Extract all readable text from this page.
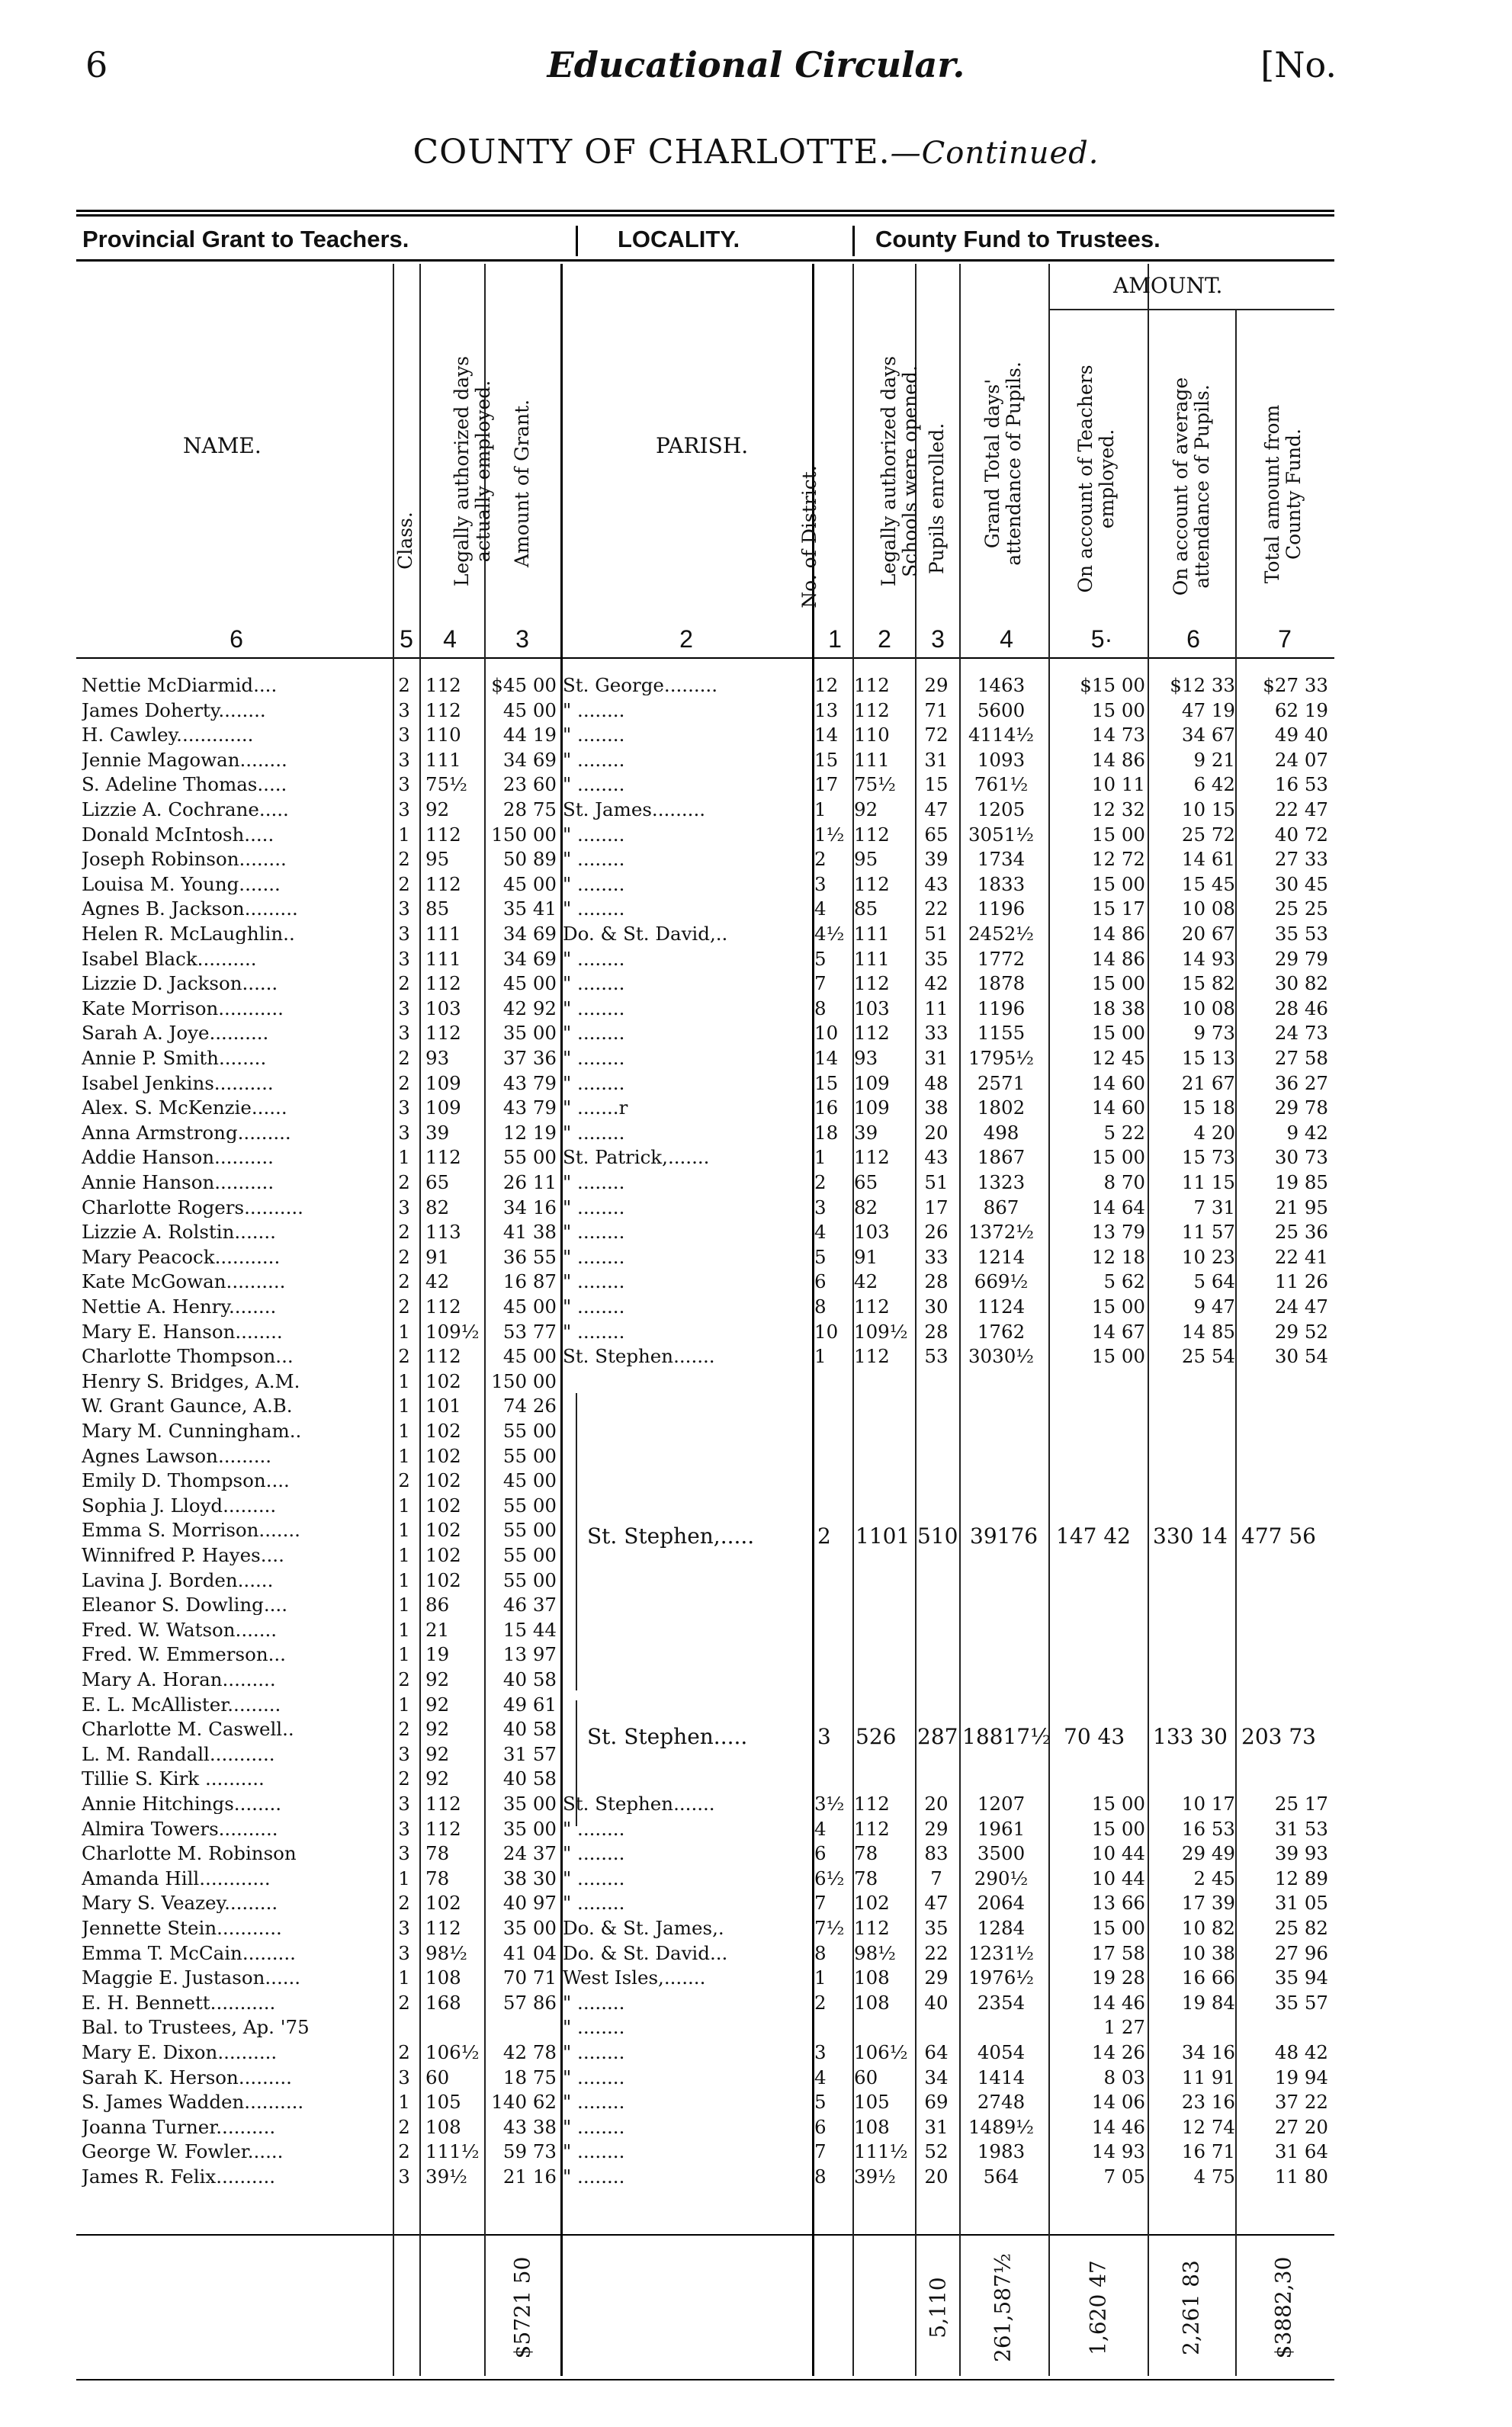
6	Educational Circular.	[No.
COUNTY OF CHARLOTTE.—Continued.
Provincial Grant to Teachers.	LOCALITY.	County Fund to Trustees.
NAME.	PARISH.
AMOUNT.
Class. Legally authorized days actually employed. Amount of Grant.	No. of District.	Legally authorized days Schools were opened. Pupils enrolled. Grand Total days' attendance of Pupils.	On account of Teachers employed.	On account of average attendance of Pupils.	Total amount from County Fund.
6	5	4	3	2	1	2	3	4	5·	6	7
Nettie McDiarmid....	2 112	$45 00 St. George.........	12 112	29	1463	$15 00	$12 33	$27 33
James Doherty........	3 112	45 00 " ........	13 112	71	5600	15 00	47 19	62 19
H. Cawley.............	3 110	44 19 " ........	14 110	72	4114½	14 73	34 67	49 40
Jennie Magowan........	3 111	34 69 " ........	15 111	31	1093	14 86	9 21	24 07
S. Adeline Thomas.....	3 75½	23 60 " ........	17 75½	15	761½	10 11	6 42	16 53
Lizzie A. Cochrane.....	3 92	28 75 St. James.........	1	92	47	1205	12 32	10 15	22 47
Donald McIntosh.....	1 112	150 00 " ........	1½ 112	65	3051½	15 00	25 72	40 72
Joseph Robinson........	2 95	50 89 " ........	2	95	39	1734	12 72	14 61	27 33
Louisa M. Young.......	2 112	45 00 " ........	3	112	43	1833	15 00	15 45	30 45
Agnes B. Jackson.........	3 85	35 41 " ........	4	85	22	1196	15 17	10 08	25 25
Helen R. McLaughlin..	3 111	34 69 Do. & St. David,..	4½ 111	51	2452½	14 86	20 67	35 53
Isabel Black..........	3 111	34 69 " ........	5	111	35	1772	14 86	14 93	29 79
Lizzie D. Jackson......	2 112	45 00 " ........	7	112	42	1878	15 00	15 82	30 82
Kate Morrison...........	3 103	42 92 " ........	8	103	11	1196	18 38	10 08	28 46
Sarah A. Joye..........	3 112	35 00 " ........	10 112	33	1155	15 00	9 73	24 73
Annie P. Smith........	2 93	37 36 " ........	14 93	31	1795½	12 45	15 13	27 58
Isabel Jenkins..........	2 109	43 79 " ........	15 109	48	2571	14 60	21 67	36 27
Alex. S. McKenzie......	3 109	43 79 " .......r	16 109	38	1802	14 60	15 18	29 78
Anna Armstrong.........	3 39	12 19 " ........	18 39	20	498	5 22	4 20	9 42
Addie Hanson..........	1 112	55 00 St. Patrick,.......	1	112	43	1867	15 00	15 73	30 73
Annie Hanson..........	2 65	26 11 " ........	2	65	51	1323	8 70	11 15	19 85
Charlotte Rogers..........	3 82	34 16 " ........	3	82	17	867	14 64	7 31	21 95
Lizzie A. Rolstin.......	2 113	41 38 " ........	4	103	26	1372½	13 79	11 57	25 36
Mary Peacock...........	2 91	36 55 " ........	5	91	33	1214	12 18	10 23	22 41
Kate McGowan..........	2 42	16 87 " ........	6	42	28	669½	5 62	5 64	11 26
Nettie A. Henry........	2 112	45 00 " ........	8	112	30	1124	15 00	9 47	24 47
Mary E. Hanson........	1 109½	53 77 " ........	10 109½ 28	1762	14 67	14 85	29 52
Charlotte Thompson...	2 112	45 00 St. Stephen.......	1	112	53	3030½	15 00	25 54	30 54
Henry S. Bridges, A.M.	1 102	150 00
W. Grant Gaunce, A.B.	1 101	74 26
Mary M. Cunningham..	1 102	55 00
Agnes Lawson.........	1 102	55 00
Emily D. Thompson....	2 102	45 00
Sophia J. Lloyd.........	1 102	55 00
Emma S. Morrison.......	1 102	55 00
Winnifred P. Hayes....	1 102	55 00
Lavina J. Borden......	1 102	55 00
Eleanor S. Dowling....	1 86	46 37
Fred. W. Watson.......	1 21	15 44
Fred. W. Emmerson...	1 19	13 97
Mary A. Horan.........	2 92	40 58
E. L. McAllister.........	1 92	49 61
Charlotte M. Caswell..	2 92	40 58
L. M. Randall...........	3 92	31 57
Tillie S. Kirk ..........	2 92	40 58
Annie Hitchings........	3 112	35 00 St. Stephen.......	3½ 112	20	1207	15 00	10 17	25 17
Almira Towers..........	3 112	35 00 " ........	4	112	29	1961	15 00	16 53	31 53
Charlotte M. Robinson	3 78	24 37 " ........	6	78	83	3500	10 44	29 49	39 93
Amanda Hill............	1 78	38 30 " ........	6½ 78	7	290½	10 44	2 45	12 89
Mary S. Veazey.........	2 102	40 97 " ........	7	102	47	2064	13 66	17 39	31 05
Jennette Stein...........	3 112	35 00 Do. & St. James,.	7½ 112	35	1284	15 00	10 82	25 82
Emma T. McCain.........	3 98½	41 04 Do. & St. David...	8	98½	22	1231½	17 58	10 38	27 96
Maggie E. Justason......	1 108	70 71 West Isles,.......	1	108	29	1976½	19 28	16 66	35 94
E. H. Bennett...........	2 168	57 86 " ........	2	108	40	2354	14 46	19 84	35 57
Bal. to Trustees, Ap. '75	" ........	1 27
Mary E. Dixon..........	2 106½	42 78 " ........	3	106½ 64	4054	14 26	34 16	48 42
Sarah K. Herson.........	3 60	18 75 " ........	4	60	34	1414	8 03	11 91	19 94
S. James Wadden..........	1 105	140 62 " ........	5	105	69	2748	14 06	23 16	37 22
Joanna Turner..........	2 108	43 38 " ........	6	108	31	1489½	14 46	12 74	27 20
George W. Fowler......	2 111½	59 73 " ........	7	111½ 52	1983	14 93	16 71	31 64
James R. Felix..........	3 39½	21 16 " ........	8	39½	20	564	7 05	4 75	11 80
St. Stephen,.....	2 1101 510 39176 147 42 330 14 477 56
St. Stephen.....	3 526 287 18817½ 70 43 133 30 203 73
$5721 50	5,110 261,587½	1,620 47	2,261 83	$3882,30
